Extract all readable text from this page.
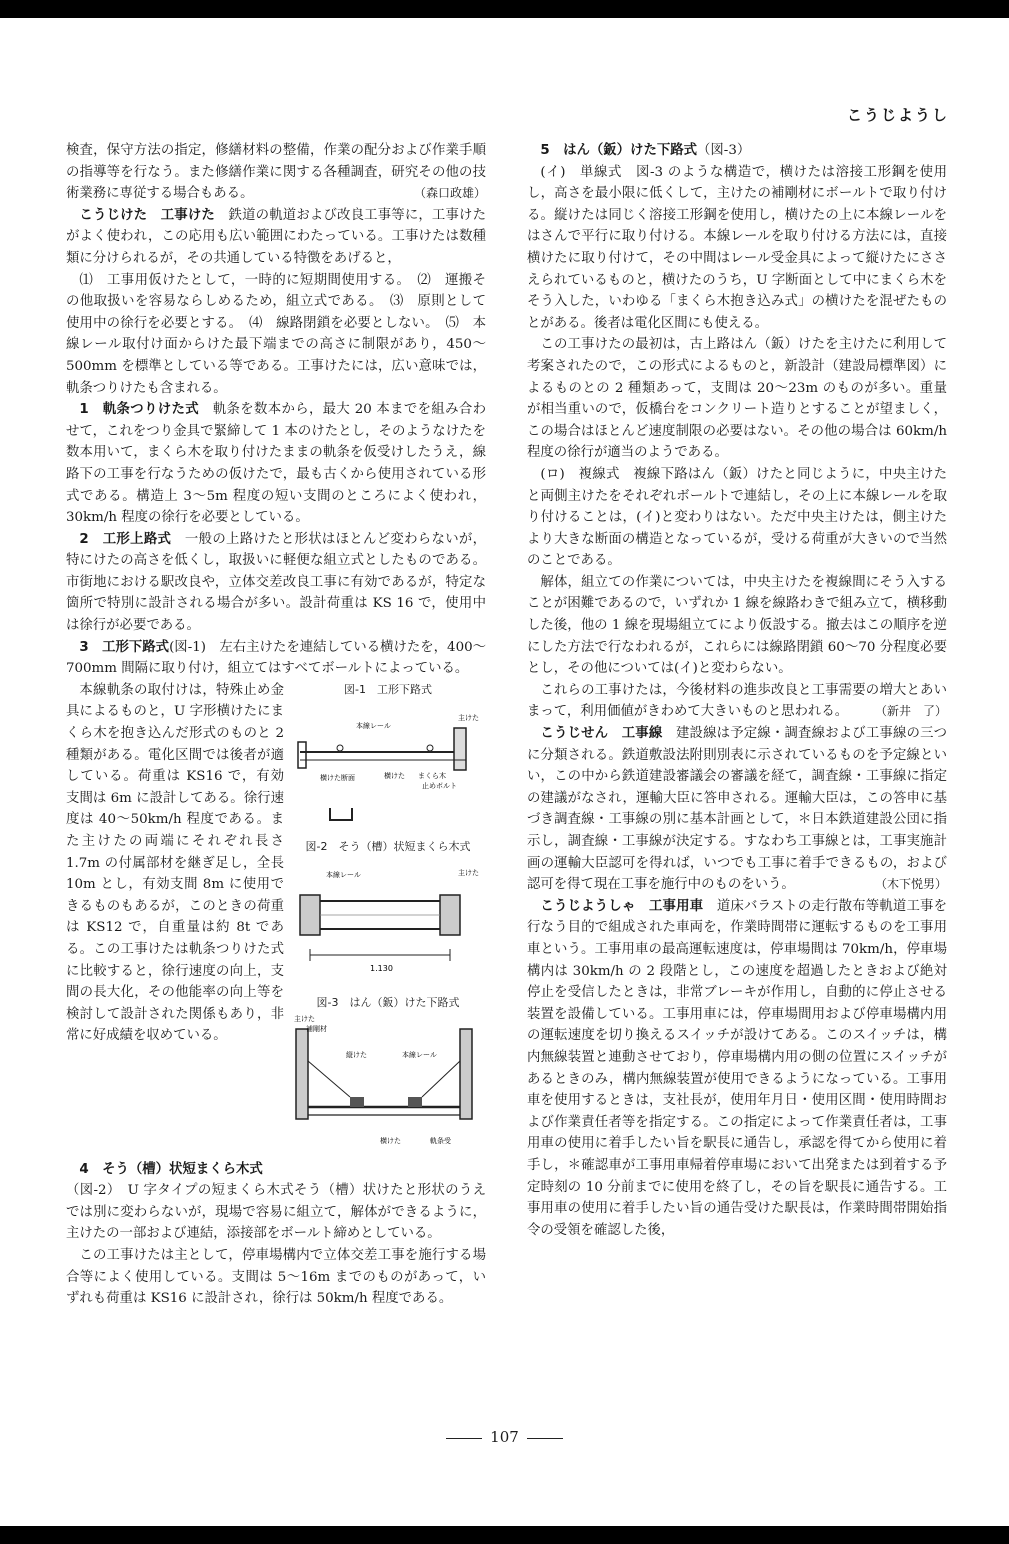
こうじようし

検査，保守方法の指定，修繕材料の整備，作業の配分および作業手順の指導等を行なう。また修繕作業に関する各種調査，研究その他の技術業務に専従する場合もある。	（森口政雄）

こうじけた　工事けた　 鉄道の軌道および改良工事等に，工事けたがよく使われ，この応用も広い範囲にわたっている。工事けたは数種類に分けられるが，その共通している特徴をあげると，

⑴　工事用仮けたとして，一時的に短期間使用する。　⑵　運搬その他取扱いを容易ならしめるため，組立式である。　⑶　原則として使用中の徐行を必要とする。　⑷　線路閉鎖を必要としない。　⑸　本線レール取付け面からけた最下端までの高さに制限があり，450～500mm を標準としている等である。工事けたには，広い意味では，軌条つりけたも含まれる。

1　軌条つりけた式　 軌条を数本から，最大 20 本までを組み合わせて，これをつり金具で緊締して 1 本のけたとし，そのようなけたを数本用いて，まくら木を取り付けたままの軌条を仮受けしたうえ，線路下の工事を行なうための仮けたで，最も古くから使用されている形式である。構造上 3～5m 程度の短い支間のところによく使われ，30km/h 程度の徐行を必要としている。

2　工形上路式　 一般の上路けたと形状はほとんど変わらないが，特にけたの高さを低くし，取扱いに軽便な組立式としたものである。市街地における駅改良や，立体交差改良工事に有効であるが，特定な箇所で特別に設計される場合が多い。設計荷重は KS 16 で，使用中は徐行が必要である。

3　工形下路式(図-1)　 左右主けたを連結している横けたを，400～700mm 間隔に取り付け，組立てはすべてボールトによっている。

図-1　工形下路式
本線レール
主けた
横けた断面	横けた まくら木
止めボルト
図-2　そう（槽）状短まくら木式
本線レール	主けた
1.130
図-3　はん（鈑）けた下路式
主けた
補剛材
縦けた	本線レール
横けた	軌条受

本線軌条の取付けは，特殊止め金具によるものと，U 字形横けたにまくら木を抱き込んだ形式のものと 2 種類がある。電化区間では後者が適している。荷重は KS16 で，有効支間は 6m に設計してある。徐行速度は 40～50km/h 程度である。また主けたの両端にそれぞれ長さ 1.7m の付属部材を継ぎ足し，全長 10m とし，有効支間 8m に使用できるものもあるが，このときの荷重は KS12 で，自重量は約 8t である。この工事けたは軌条つりけた式に比較すると，徐行速度の向上，支間の長大化，その他能率の向上等を検討して設計された関係もあり，非常に好成績を収めている。

4　そう（槽）状短まくら木式

（図-2）　U 字タイプの短まくら木式そう（槽）状けたと形状のうえでは別に変わらないが，現場で容易に組立て，解体ができるように，主けたの一部および連結，添接部をボールト締めとしている。

この工事けたは主として，停車場構内で立体交差工事を施行する場合等によく使用している。支間は 5～16m までのものがあって，いずれも荷重は KS16 に設計され，徐行は 50km/h 程度である。

5　はん（鈑）けた下路式（図-3）

(イ)　単線式　図-3 のような構造で，横けたは溶接工形鋼を使用し，高さを最小限に低くして，主けたの補剛材にボールトで取り付ける。縦けたは同じく溶接工形鋼を使用し，横けたの上に本線レールをはさんで平行に取り付ける。本線レールを取り付ける方法には，直接横けたに取り付けて，その中間はレール受金具によって縦けたにささえられているものと，横けたのうち，U 字断面として中にまくら木をそう入した，いわゆる「まくら木抱き込み式」の横けたを混ぜたものとがある。後者は電化区間にも使える。

この工事けたの最初は，古上路はん（鈑）けたを主けたに利用して考案されたので，この形式によるものと，新設計（建設局標準図）によるものとの 2 種類あって，支間は 20～23m のものが多い。重量が相当重いので，仮橋台をコンクリート造りとすることが望ましく，この場合はほとんど速度制限の必要はない。その他の場合は 60km/h 程度の徐行が適当のようである。

(ロ)　複線式　複線下路はん（鈑）けたと同じように，中央主けたと両側主けたをそれぞれボールトで連結し，その上に本線レールを取り付けることは，(イ)と変わりはない。ただ中央主けたは，側主けたより大きな断面の構造となっているが，受ける荷重が大きいので当然のことである。

解体，組立ての作業については，中央主けたを複線間にそう入することが困難であるので，いずれか 1 線を線路わきで組み立て，横移動した後，他の 1 線を現場組立てにより仮設する。撤去はこの順序を逆にした方法で行なわれるが，これらには線路閉鎖 60～70 分程度必要とし，その他については(イ)と変わらない。

これらの工事けたは，今後材料の進歩改良と工事需要の増大とあいまって，利用価値がきわめて大きいものと思われる。	（新井　了）

こうじせん　工事線　 建設線は予定線・調査線および工事線の三つに分類される。鉄道敷設法附則別表に示されているものを予定線といい，この中から鉄道建設審議会の審議を経て，調査線・工事線に指定の建議がなされ，運輸大臣に答申される。運輸大臣は，この答申に基づき調査線・工事線の別に基本計画として，＊日本鉄道建設公団に指示し，調査線・工事線が決定する。すなわち工事線とは，工事実施計画の運輸大臣認可を得れば，いつでも工事に着手できるもの，および認可を得て現在工事を施行中のものをいう。	（木下悦男）

こうじようしゃ　工事用車　 道床バラストの走行散布等軌道工事を行なう目的で組成された車両を，作業時間帯に運転するものを工事用車という。工事用車の最高運転速度は，停車場間は 70km/h，停車場構内は 30km/h の 2 段階とし，この速度を超過したときおよび絶対停止を受信したときは，非常ブレーキが作用し，自動的に停止させる装置を設備している。工事用車には，停車場間用および停車場構内用の運転速度を切り換えるスイッチが設けてある。このスイッチは，構内無線装置と連動させており，停車場構内用の側の位置にスイッチがあるときのみ，構内無線装置が使用できるようになっている。工事用車を使用するときは，支社長が，使用年月日・使用区間・使用時間および作業責任者等を指定する。この指定によって作業責任者は，工事用車の使用に着手したい旨を駅長に通告し，承認を得てから使用に着手し，＊確認車が工事用車帰着停車場において出発または到着する予定時刻の 10 分前までに使用を終了し，その旨を駅長に通告する。工事用車の使用に着手したい旨の通告受けた駅長は，作業時間帯開始指令の受領を確認した後，

107
